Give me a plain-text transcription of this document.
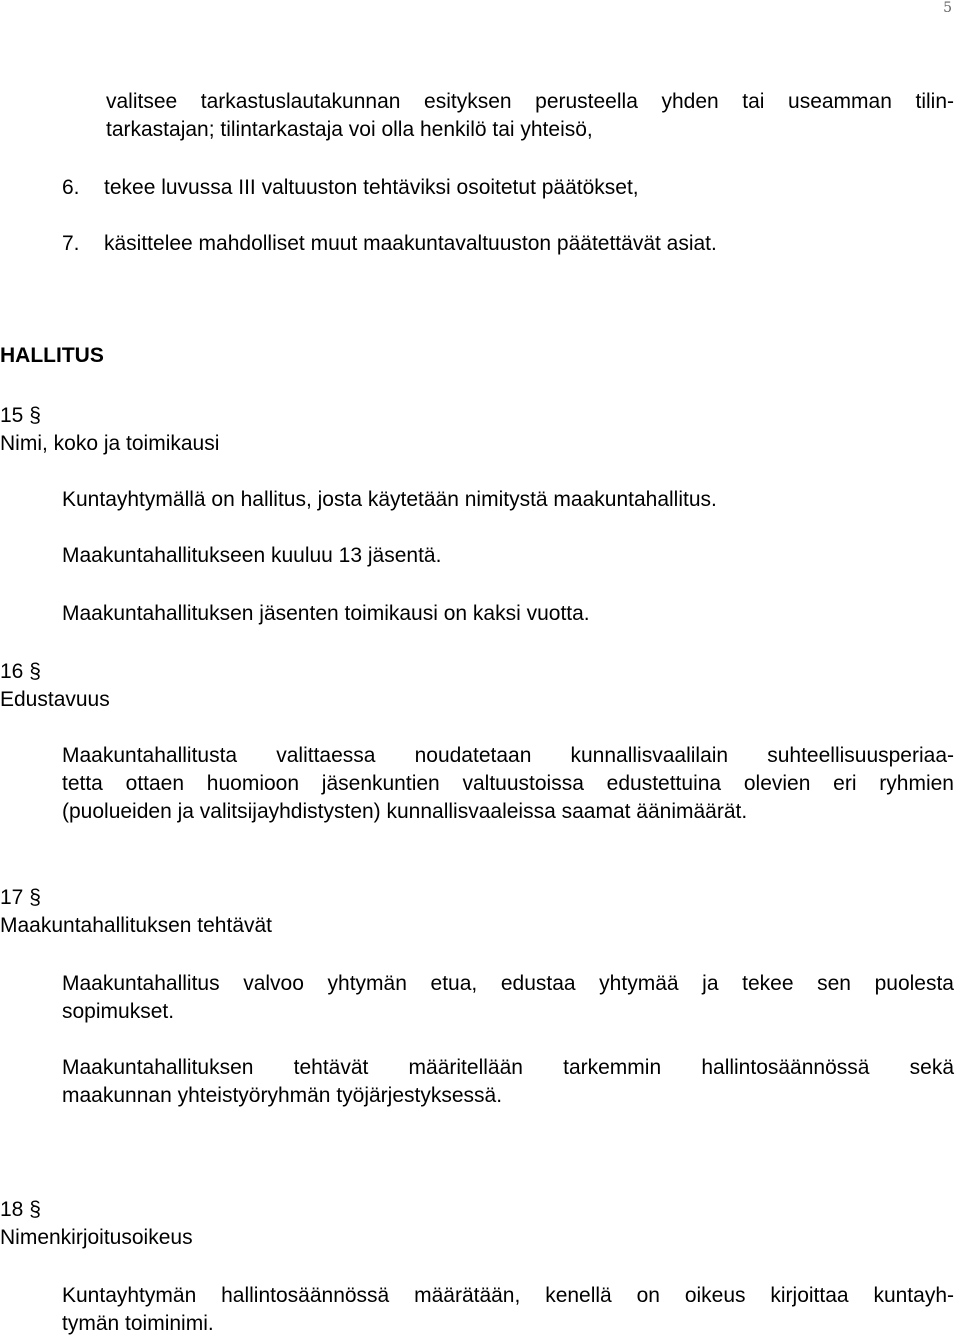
5
valitsee tarkastuslautakunnan esityksen perusteella yhden tai useamman tilin-
tarkastajan; tilintarkastaja voi olla henkilö tai yhteisö,
6. tekee luvussa III valtuuston tehtäviksi osoitetut päätökset,
7. käsittelee mahdolliset muut maakuntavaltuuston päätettävät asiat.
HALLITUS
15 §
Nimi, koko ja toimikausi
Kuntayhtymällä on hallitus, josta käytetään nimitystä maakuntahallitus.
Maakuntahallitukseen kuuluu 13 jäsentä.
Maakuntahallituksen jäsenten toimikausi on kaksi vuotta.
16 §
Edustavuus
Maakuntahallitusta valittaessa noudatetaan kunnallisvaalilain suhteellisuusperiaa-
tetta ottaen huomioon jäsenkuntien valtuustoissa edustettuina olevien eri ryhmien
(puolueiden ja valitsijayhdistysten) kunnallisvaaleissa saamat äänimäärät.
17 §
Maakuntahallituksen tehtävät
Maakuntahallitus valvoo yhtymän etua, edustaa yhtymää ja tekee sen puolesta
sopimukset.
Maakuntahallituksen tehtävät määritellään tarkemmin hallintosäännössä sekä
maakunnan yhteistyöryhmän työjärjestyksessä.
18 §
Nimenkirjoitusoikeus
Kuntayhtymän hallintosäännössä määrätään, kenellä on oikeus kirjoittaa kuntayh-
tymän toiminimi.
